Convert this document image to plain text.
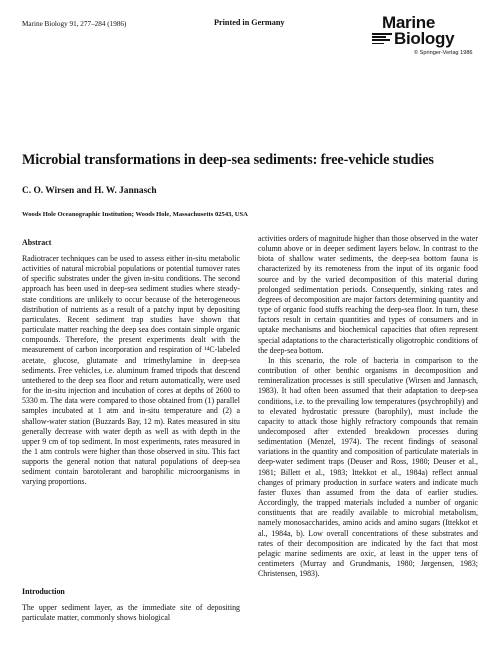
Marine Biology 91, 277–284 (1986)	Printed in Germany	Marine
Biology
© Springer-Verlag 1986
Microbial transformations in deep-sea sediments: free-vehicle studies
C. O. Wirsen and H. W. Jannasch
Woods Hole Oceanographic Institution; Woods Hole, Massachusetts 02543, USA
Abstract

Radiotracer techniques can be used to assess either in-situ metabolic activities of natural microbial populations or potential turnover rates of specific substrates under the given in-situ conditions. The second approach has been used in deep-sea sediment studies where steady-state conditions are unlikely to occur because of the heterogeneous distribution of nutrients as a result of a patchy input by depositing particulates. Recent sediment trap studies have shown that particulate matter reaching the deep sea does contain simple organic compounds. Therefore, the present experiments dealt with the measurement of carbon incorporation and respiration of ¹⁴C-labeled acetate, glucose, glutamate and trimethylamine in deep-sea sediments. Free vehicles, i.e. aluminum framed tripods that descend untethered to the deep sea floor and return automatically, were used for the in-situ injection and incubation of cores at depths of 2600 to 5330 m. The data were compared to those obtained from (1) parallel samples incubated at 1 atm and in-situ temperature and (2) a shallow-water station (Buzzards Bay, 12 m). Rates measured in situ generally decrease with water depth as well as with depth in the upper 9 cm of top sediment. In most experiments, rates measured in the 1 atm controls were higher than those observed in situ. This fact supports the general notion that natural populations of deep-sea sediment contain barotolerant and barophilic microorganisms in varying proportions.

Introduction

The upper sediment layer, as the immediate site of depositing particulate matter, commonly shows biological

activities orders of magnitude higher than those observed in the water column above or in deeper sediment layers below. In contrast to the biota of shallow water sediments, the deep-sea bottom fauna is characterized by its remoteness from the input of its organic food source and by the varied decomposition of this material during prolonged sedimentation periods. Consequently, sinking rates and degrees of decomposition are major factors determining quantity and type of organic food stuffs reaching the deep-sea floor. In turn, these factors result in certain quantities and types of consumers and in uptake mechanisms and biochemical capacities that often represent special adaptations to the characteristically oligotrophic conditions of the deep-sea bottom.

In this scenario, the role of bacteria in comparison to the contribution of other benthic organisms in decomposition and remineralization processes is still speculative (Wirsen and Jannasch, 1983). It had often been assumed that their adaptation to deep-sea conditions, i.e. to the prevailing low temperatures (psychrophily) and to elevated hydrostatic pressure (barophily), must include the capacity to attack those highly refractory compounds that remain undecomposed after extended breakdown processes during sedimentation (Menzel, 1974). The recent findings of seasonal variations in the quantity and composition of particulate materials in deep-water sediment traps (Deuser and Ross, 1980; Deuser et al., 1981; Billett et al., 1983; Ittekkot et al., 1984a) reflect annual changes of primary production in surface waters and indicate much faster fluxes than assumed from the data of earlier studies. Accordingly, the trapped materials included a number of organic constituents that are readily available to microbial metabolism, namely monosaccharides, amino acids and amino sugars (Ittekkot et al., 1984a, b). Low overall concentrations of these substrates and rates of their decomposition are indicated by the fact that most pelagic marine sediments are oxic, at least in the upper tens of centimeters (Murray and Grundmanis, 1980; Jørgensen, 1983; Christensen, 1983).
